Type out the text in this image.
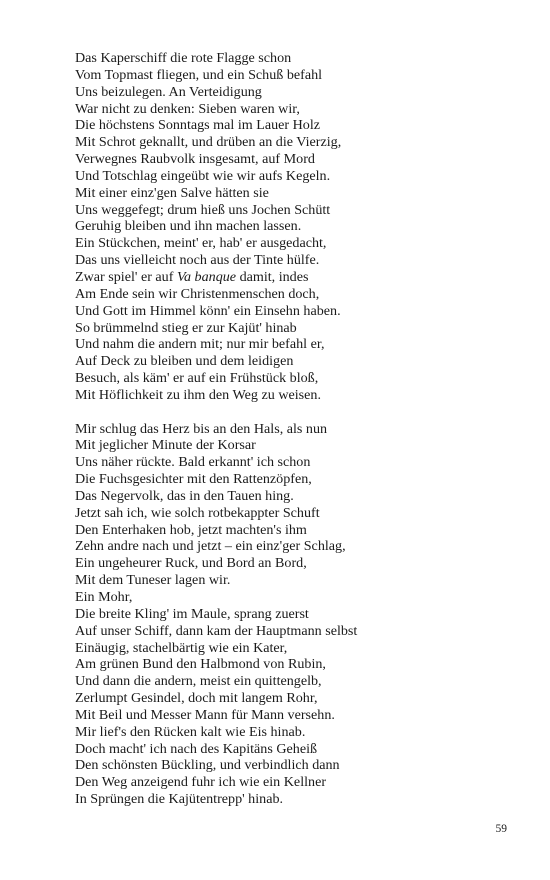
Das Kaperschiff die rote Flagge schon
Vom Topmast fliegen, und ein Schuß befahl
Uns beizulegen. An Verteidigung
War nicht zu denken: Sieben waren wir,
Die höchstens Sonntags mal im Lauer Holz
Mit Schrot geknallt, und drüben an die Vierzig,
Verwegnes Raubvolk insgesamt, auf Mord
Und Totschlag eingeübt wie wir aufs Kegeln.
Mit einer einz'gen Salve hätten sie
Uns weggefegt; drum hieß uns Jochen Schütt
Geruhig bleiben und ihn machen lassen.
Ein Stückchen, meint' er, hab' er ausgedacht,
Das uns vielleicht noch aus der Tinte hülfe.
Zwar spiel' er auf Va banque damit, indes
Am Ende sein wir Christenmenschen doch,
Und Gott im Himmel könn' ein Einsehn haben.
So brümmelnd stieg er zur Kajüt' hinab
Und nahm die andern mit; nur mir befahl er,
Auf Deck zu bleiben und dem leidigen
Besuch, als käm' er auf ein Frühstück bloß,
Mit Höflichkeit zu ihm den Weg zu weisen.
Mir schlug das Herz bis an den Hals, als nun
Mit jeglicher Minute der Korsar
Uns näher rückte. Bald erkannt' ich schon
Die Fuchsgesichter mit den Rattenzöpfen,
Das Negervolk, das in den Tauen hing.
Jetzt sah ich, wie solch rotbekappter Schuft
Den Enterhaken hob, jetzt machten's ihm
Zehn andre nach und jetzt – ein einz'ger Schlag,
Ein ungeheurer Ruck, und Bord an Bord,
Mit dem Tuneser lagen wir.
Ein Mohr,
Die breite Kling' im Maule, sprang zuerst
Auf unser Schiff, dann kam der Hauptmann selbst
Einäugig, stachelbärtig wie ein Kater,
Am grünen Bund den Halbmond von Rubin,
Und dann die andern, meist ein quittengelb,
Zerlumpt Gesindel, doch mit langem Rohr,
Mit Beil und Messer Mann für Mann versehn.
Mir lief's den Rücken kalt wie Eis hinab.
Doch macht' ich nach des Kapitäns Geheiß
Den schönsten Bückling, und verbindlich dann
Den Weg anzeigend fuhr ich wie ein Kellner
In Sprüngen die Kajütentrepp' hinab.
59
